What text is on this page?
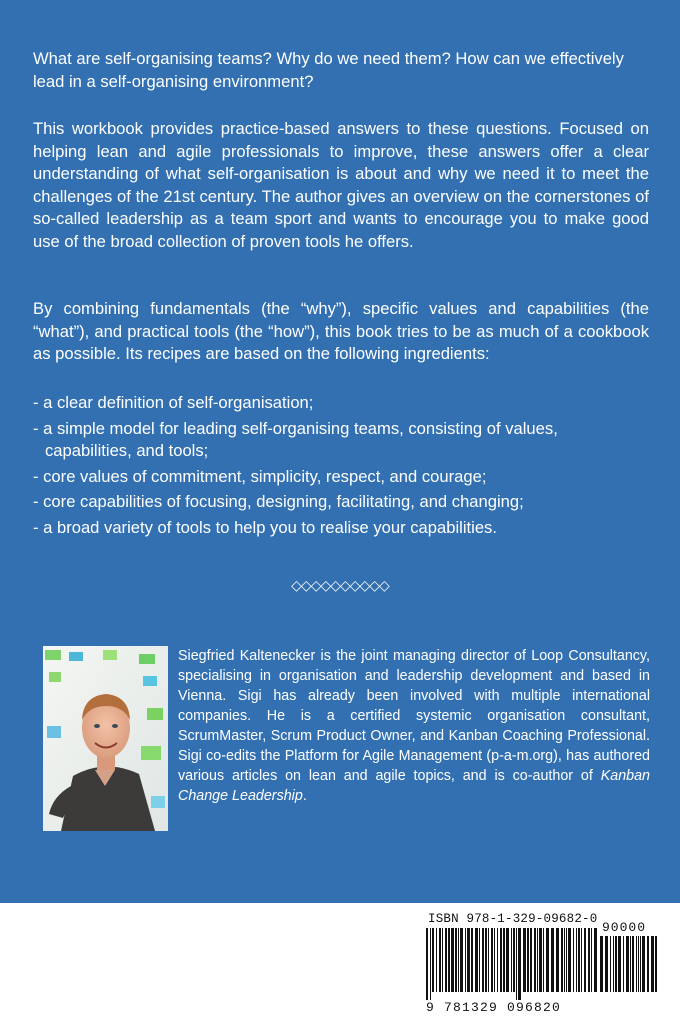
What are self-organising teams? Why do we need them? How can we effectively lead in a self-organising environment?

This workbook provides practice-based answers to these questions. Focused on helping lean and agile professionals to improve, these answers offer a clear understanding of what self-organisation is about and why we need it to meet the challenges of the 21st century. The author gives an overview on the cornerstones of so-called leadership as a team sport and wants to encourage you to make good use of the broad collection of proven tools he offers.

By combining fundamentals (the “why”), specific values and capabilities (the “what”), and practical tools (the “how”), this book tries to be as much of a cookbook as possible. Its recipes are based on the following ingredients:

- a clear definition of self-organisation;
- a simple model for leading self-organising teams, consisting of values, capabilities, and tools;
- core values of commitment, simplicity, respect, and courage;
- core capabilities of focusing, designing, facilitating, and changing;
- a broad variety of tools to help you to realise your capabilities.
◇◇◇◇◇◇◇◇◇◇

Siegfried Kaltenecker is the joint managing director of Loop Consultancy, specialising in organisation and leadership development and based in Vienna. Sigi has already been involved with multiple international companies. He is a certified systemic organisation consultant, ScrumMaster, Scrum Product Owner, and Kanban Coaching Professional. Sigi co-edits the Platform for Agile Management (p-a-m.org), has authored various articles on lean and agile topics, and is co-author of Kanban Change Leadership.

ISBN 978-1-329-09682-0
90000
9 781329 096820
